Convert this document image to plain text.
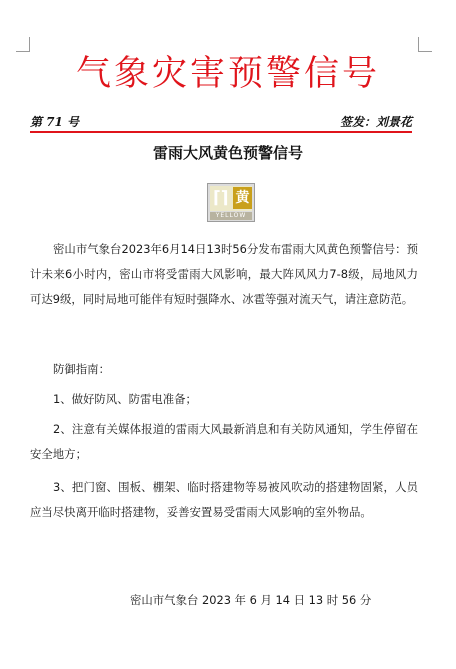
气象灾害预警信号
第 71 号	签发：刘景花
雷雨大风黄色预警信号
⌈⌉ 黄
YELLOW

密山市气象台2023年6月14日13时56分发布雷雨大风黄色预警信号：预计未来6小时内，密山市将受雷雨大风影响，最大阵风风力7-8级，局地风力可达9级，同时局地可能伴有短时强降水、冰雹等强对流天气，请注意防范。

防御指南：

1、做好防风、防雷电准备；

2、注意有关媒体报道的雷雨大风最新消息和有关防风通知，学生停留在安全地方；

3、把门窗、围板、棚架、临时搭建物等易被风吹动的搭建物固紧，人员应当尽快离开临时搭建物，妥善安置易受雷雨大风影响的室外物品。

密山市气象台 2023 年 6 月 14 日 13 时 56 分
